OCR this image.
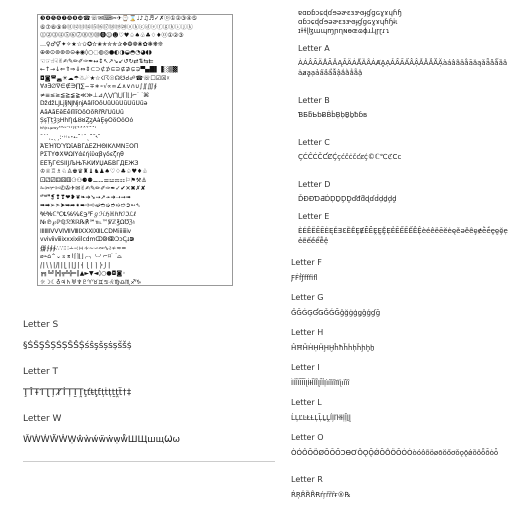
❸❹❺❻❼❽❾❿☎☏✉⌨✂✈⌚⌛♩♪♫♬✓✗⓪①②③④⑤
⑥⑦⑧⑨⑩⑪⑫⑬⑭⑮⑯⑰⑱⑲⑳ⓐⓑⓒⓓⓔⓕⓖⓗⓘⓙⓚ
⓵⓶⓷⓸⓹⓺⓻⓼⓽⓾⓿☺☻♡♥♤♠♧♣♢♦⓪①②③
…♀♂⚥✦✧★☆✩✪✫✬✭✮✯✰❖❂❁❀✿❃❋❊
⊕⊗⊙⊚⊛⊜⊝◈◉◊○◌◍◎●◐◑◒◓◔◕◖◗
☜☞☝☟✌✍✎✏✐✑✒↔↕↖↗↘↙↺↻⇄⇅⇆⇇
←↑→↓⇐⇑⇒⇓⇔⇕⊂⊃⊄⊅⊆⊇⊈⊉⊊⊋▀▄█▌▐░▒▓
◘◙◚◛☀☁☂☃☄★☆☇☈☉☊☋☌☍☎☏☐☑☒☓
∀∂∃∅∇∈∉∋∏∑−∓∗∘√∝∞∠∧∨∩∪∫∬∭∮
≠≡≤≥≦≧≨≩≪≫⊥⊿⋀⋁⋂⋃⌈⌉⌊⌋⌐⌒⌘
ǅǆǇǈǉǊǋǌǍǎǏǐǑǒǓǔǕǖǗǘǙǚǛǜǝ
ȀȁȂȃȄȅȆȇȈȉȊȋȌȍȎȏȐȑȒȓȔȕȖȗ
ȘșȚțȜȝȞȟȠȡȢȣȤȥȦȧȨȩȪȫȬȭȮȯ
ʰʱʲʳʴʵʶʷʸʹʺʻʼʽʾʿˀˁ˂˃˄˅ˆˇˈ
ˉˊˋˌˍˎˏːˑ˒˓˔˕˖˗˘˙˚˛˜˝˞˟
ΆΈΉΊΌΎΏΐΑΒΓΔΕΖΗΘΙΚΛΜΝΞΟΠ
ΡΣΤΥΦΧΨΩΪΫάέήίΰαβγδεζηθ
ЀЁЂЃЄЅІЇЈЉЊЋЌЍЎЏАБВГДЕЖЗ
♔♕♖♗♘♙♚♛♜♝♞♟♠♡♢♣♤♥♦♧
⚀⚁⚂⚃⚄⚅⚆⚇⚈⚉⚊⚋⚌⚍⚎⚏⚐⚑⚒⚓
✁✂✃✄✆✇✈✉✌✍✎✏✐✑✒✓✔✕✖✗✘
❛❜❝❞❡❢❣❤❥❦❧➔➘➙➚➛➜➝➞➟
➠➡➢➣➤➥➦➧➨➩➪➫➬➭➮➯➱➲➳➴
℀℁ℂ℃℄℅℆ℇ℈℉ℊℋℌℍℎℏℐℑℒℓ
№℗℘ℙℚℛℜℝ℞℟℠℡™℣ℤ℥Ω℧ℨ℩
ⅠⅡⅢⅣⅤⅥⅦⅧⅨⅩⅪⅫⅬⅭⅮⅯⅰⅱⅲⅳ
ⅴⅵⅶⅷⅸⅹⅺⅻⅼⅽⅾⅿↀↁↂↃↄↅↆↇ
∰∱∲∳∴∵∶∷∸∹∺∻∼∽∾∿≀≁≂≃
⌀⌁⌂⌃⌄⌅⌆⌇⌈⌉⌊⌋⌌⌍⌎⌏⌐⌑⌒⌓
⎛⎜⎝⎞⎟⎠⎡⎢⎣⎤⎥⎦⎧⎨⎩⎪⎫⎬⎭⎮
╔╗╚╝╠╣╦╩╬═║▲►▼◄◊○●◘◙◦
☼☽☾♁♃♄♅♆♇♈♉♊♋♌♍♎♏♐♑
ɐɑɒɓɔɕɖɗɘəɚɛɜɝɞɟɠɡɢɣɤɥɦɧ
ɑɓɔɕɖɗɘəɚɛɜɝɞɟɠɡɢɣɤɥɦɧɨɩ
ɪɫɬɭɮɯɰɱɲɳɴɵɶɷɸɹɺɻɼɽɾɿ
Letter A
ÀÁÂÃÄÅĀĂĄǍǞǠǺȀȂȦȺḀẠẢẤẦẨẪẬẮẰẲẴẶàáâãäåāăąǎǟǡǻȁȃȧⱥḁạảấầẩẫậắằẳẵặ
Letter B
ƁƂƃƄƅɃḂḃḄḅḆḇƀɓʙ
Letter C
ÇĆĈĊČƇȻḈçćĉċčƈȼḉ©ℂ℃ℭⅭⅽ
Letter D
ĎĐƉƊƋḊḌḎḐḒďđƌɖɗḋḍḏḑḓ
Letter E
ÈÉÊËĒĔĖĘĚƎƐȄȆȨɆḔḖḘḚḜẸẺẼẾỀỂỄỆèéêëēĕėęěǝȅȇȩɇḕḗḙḛḝẹẻẽếềểễệ
Letter F
ƑḞḟƒﬀﬁﬂ
Letter G
ĜĞĠĢƓǤǦǴḠĝğġģǥǧǵɠḡ
Letter H
ĤĦȞḢḤḦḨḪĥħȟḣḥḧḩḫẖ
Letter I
ÌÍÎÏĨĪĬĮİƗǏȈȊḬḮỈỊìíîïĩīĭįıǐȉȋ
Letter L
ĹĻĽĿŁȽḶḸḺḼĺļľŀłƚḷḹḻḽ
Letter O
ÒÓÔÕÖØŌŎŐƆƟƠǑǪǬǾȌȎȪȬȮȰòóôõöøōŏőơǒǫǭǿȍȏȫȭȯȱ
Letter R
ŔŖŘȐȒɌŕŗřȑȓɍ®℞
Letter S
§ŚŜŞŠȘṠṢṤṦṨśŝşšșṡṣṥṧṩ
Letter T
ŢŤŦƬƮȚȾṪṬṮṰţťŧƫƭțṫṭṯṱẗ†‡
Letter W
ŴẀẂẄẆẈŵẁẃẅẇẉẘШЩшщѠѡ
